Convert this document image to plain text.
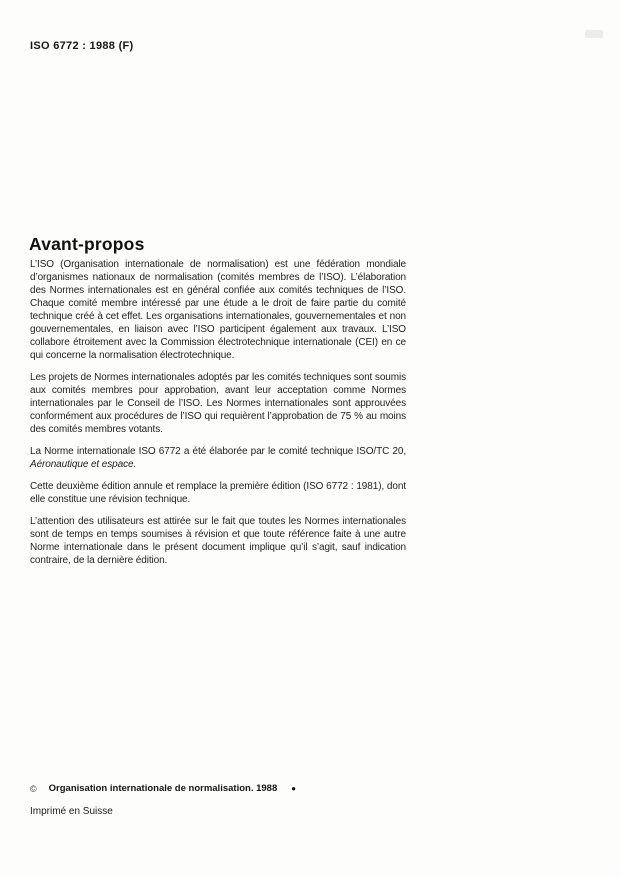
ISO 6772 : 1988 (F)
Avant-propos

L’ISO (Organisation internationale de normalisation) est une fédération mondiale d’organismes nationaux de normalisation (comités membres de l’ISO). L’élaboration des Normes internationales est en général confiée aux comités techniques de l’ISO. Chaque comité membre intéressé par une étude a le droit de faire partie du comité technique créé à cet effet. Les organisations internationales, gouvernementales et non gouvernementales, en liaison avec l’ISO participent également aux travaux. L’ISO collabore étroitement avec la Commission électrotechnique internationale (CEI) en ce qui concerne la normalisation électrotechnique.

Les projets de Normes internationales adoptés par les comités techniques sont soumis aux comités membres pour approbation, avant leur acceptation comme Normes internationales par le Conseil de l’ISO. Les Normes internationales sont approuvées conformément aux procédures de l’ISO qui requièrent l’approbation de 75 % au moins des comités membres votants.

La Norme internationale ISO 6772 a été élaborée par le comité technique ISO/TC 20, Aéronautique et espace.

Cette deuxième édition annule et remplace la première édition (ISO 6772 : 1981), dont elle constitue une révision technique.

L’attention des utilisateurs est attirée sur le fait que toutes les Normes internationales sont de temps en temps soumises à révision et que toute référence faite à une autre Norme internationale dans le présent document implique qu’il s’agit, sauf indication contraire, de la dernière édition.

© Organisation internationale de normalisation. 1988 ●
Imprimé en Suisse
